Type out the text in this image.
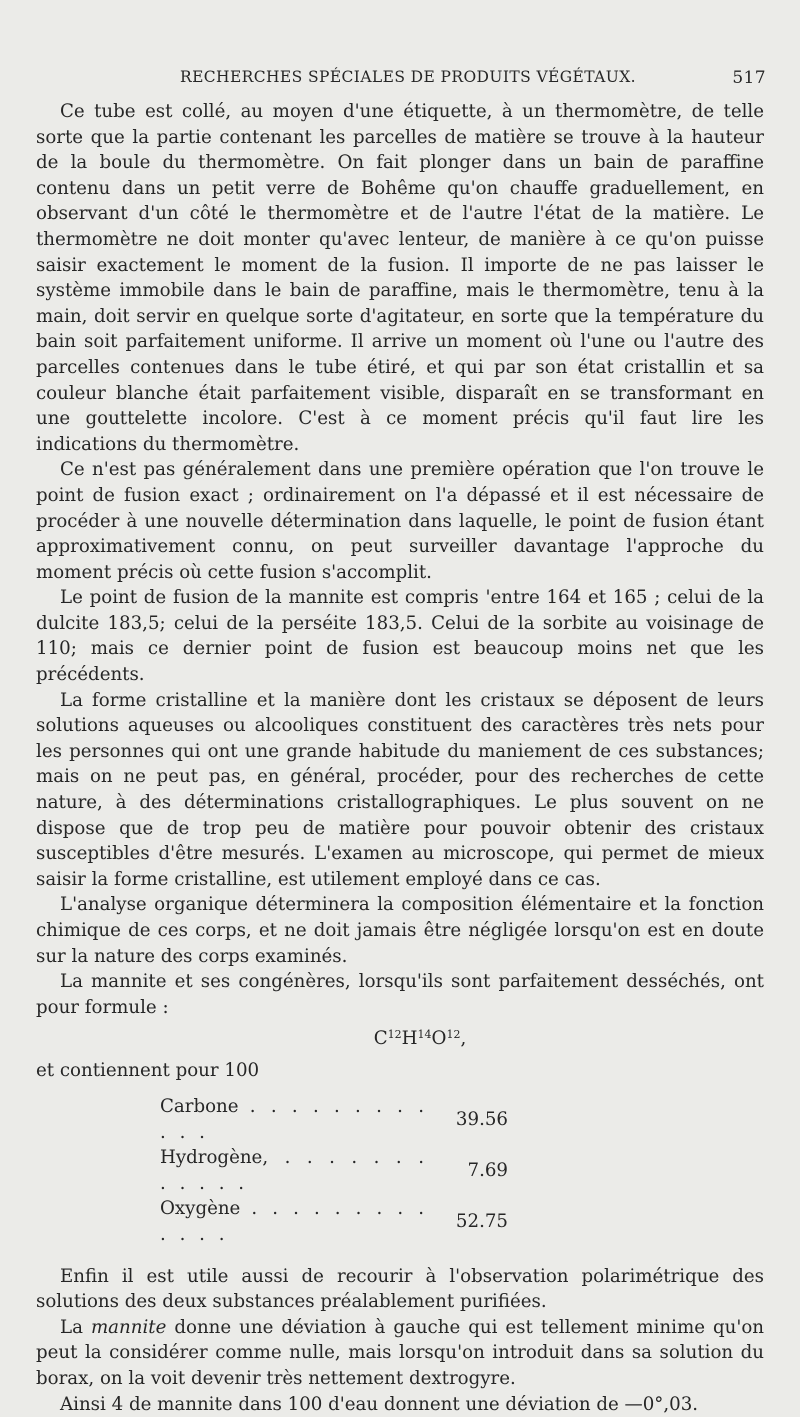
RECHERCHES SPÉCIALES DE PRODUITS VÉGÉTAUX.	517

Ce tube est collé, au moyen d'une étiquette, à un thermomètre, de telle sorte que la partie contenant les parcelles de matière se trouve à la hauteur de la boule du thermomètre. On fait plonger dans un bain de paraffine contenu dans un petit verre de Bohême qu'on chauffe graduellement, en observant d'un côté le thermomètre et de l'autre l'état de la matière. Le thermomètre ne doit monter qu'avec lenteur, de manière à ce qu'on puisse saisir exactement le moment de la fusion. Il importe de ne pas laisser le système immobile dans le bain de paraffine, mais le thermomètre, tenu à la main, doit servir en quelque sorte d'agitateur, en sorte que la température du bain soit parfaitement uniforme. Il arrive un moment où l'une ou l'autre des parcelles contenues dans le tube étiré, et qui par son état cristallin et sa couleur blanche était parfaitement visible, disparaît en se transformant en une gouttelette incolore. C'est à ce moment précis qu'il faut lire les indications du thermomètre.

Ce n'est pas généralement dans une première opération que l'on trouve le point de fusion exact ; ordinairement on l'a dépassé et il est nécessaire de procéder à une nouvelle détermination dans laquelle, le point de fusion étant approximativement connu, on peut surveiller davantage l'approche du moment précis où cette fusion s'accomplit.

Le point de fusion de la mannite est compris 'entre 164 et 165 ; celui de la dulcite 183,5; celui de la perséite 183,5. Celui de la sorbite au voisinage de 110; mais ce dernier point de fusion est beaucoup moins net que les précédents.

La forme cristalline et la manière dont les cristaux se déposent de leurs solutions aqueuses ou alcooliques constituent des caractères très nets pour les personnes qui ont une grande habitude du maniement de ces substances; mais on ne peut pas, en général, procéder, pour des recherches de cette nature, à des déterminations cristallographiques. Le plus souvent on ne dispose que de trop peu de matière pour pouvoir obtenir des cristaux susceptibles d'être mesurés. L'examen au microscope, qui permet de mieux saisir la forme cristalline, est utilement employé dans ce cas.

L'analyse organique déterminera la composition élémentaire et la fonction chimique de ces corps, et ne doit jamais être négligée lorsqu'on est en doute sur la nature des corps examinés.

La mannite et ses congénères, lorsqu'ils sont parfaitement desséchés, ont pour formule :

$C^{12}H^{14}O^{12}$,

et contiennent pour 100

Carbone . . . . . . . . . . . .	39.56
Hydrogène, . . . . . . . . . . . .	7.69
Oxygène . . . . . . . . . . . . .	52.75

Enfin il est utile aussi de recourir à l'observation polarimétrique des solutions des deux substances préalablement purifiées.

La mannite donne une déviation à gauche qui est tellement minime qu'on peut la considérer comme nulle, mais lorsqu'on introduit dans sa solution du borax, on la voit devenir très nettement dextrogyre.

Ainsi 4 de mannite dans 100 d'eau donnent une déviation de —0°,03.
